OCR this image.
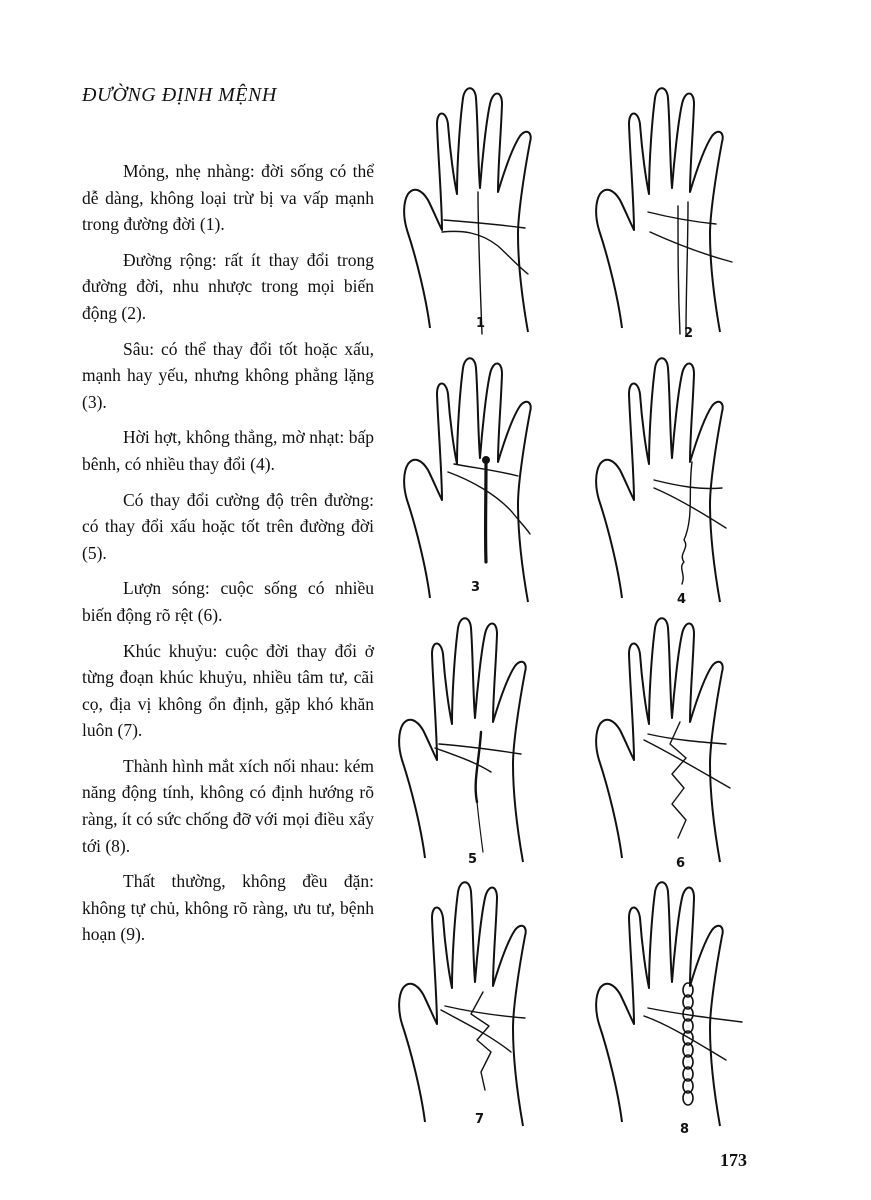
ĐƯỜNG ĐỊNH MỆNH

Mỏng, nhẹ nhàng: đời sống có thể dễ dàng, không loại trừ bị va vấp mạnh trong đường đời (1).

Đường rộng: rất ít thay đổi trong đường đời, nhu nhược trong mọi biến động (2).

Sâu: có thể thay đổi tốt hoặc xấu, mạnh hay yếu, nhưng không phẳng lặng (3).

Hời hợt, không thẳng, mờ nhạt: bấp bênh, có nhiều thay đổi (4).

Có thay đổi cường độ trên đường: có thay đổi xấu hoặc tốt trên đường đời (5).

Lượn sóng: cuộc sống có nhiều biến động rõ rệt (6).

Khúc khuỷu: cuộc đời thay đổi ở từng đoạn khúc khuỷu, nhiều tâm tư, cãi cọ, địa vị không ổn định, gặp khó khăn luôn (7).

Thành hình mắt xích nối nhau: kém năng động tính, không có định hướng rõ ràng, ít có sức chống đỡ với mọi điều xẩy tới (8).

Thất thường, không đều đặn: không tự chủ, không rõ ràng, ưu tư, bệnh hoạn (9).

1
2
3
4
5	6
7
8
173
